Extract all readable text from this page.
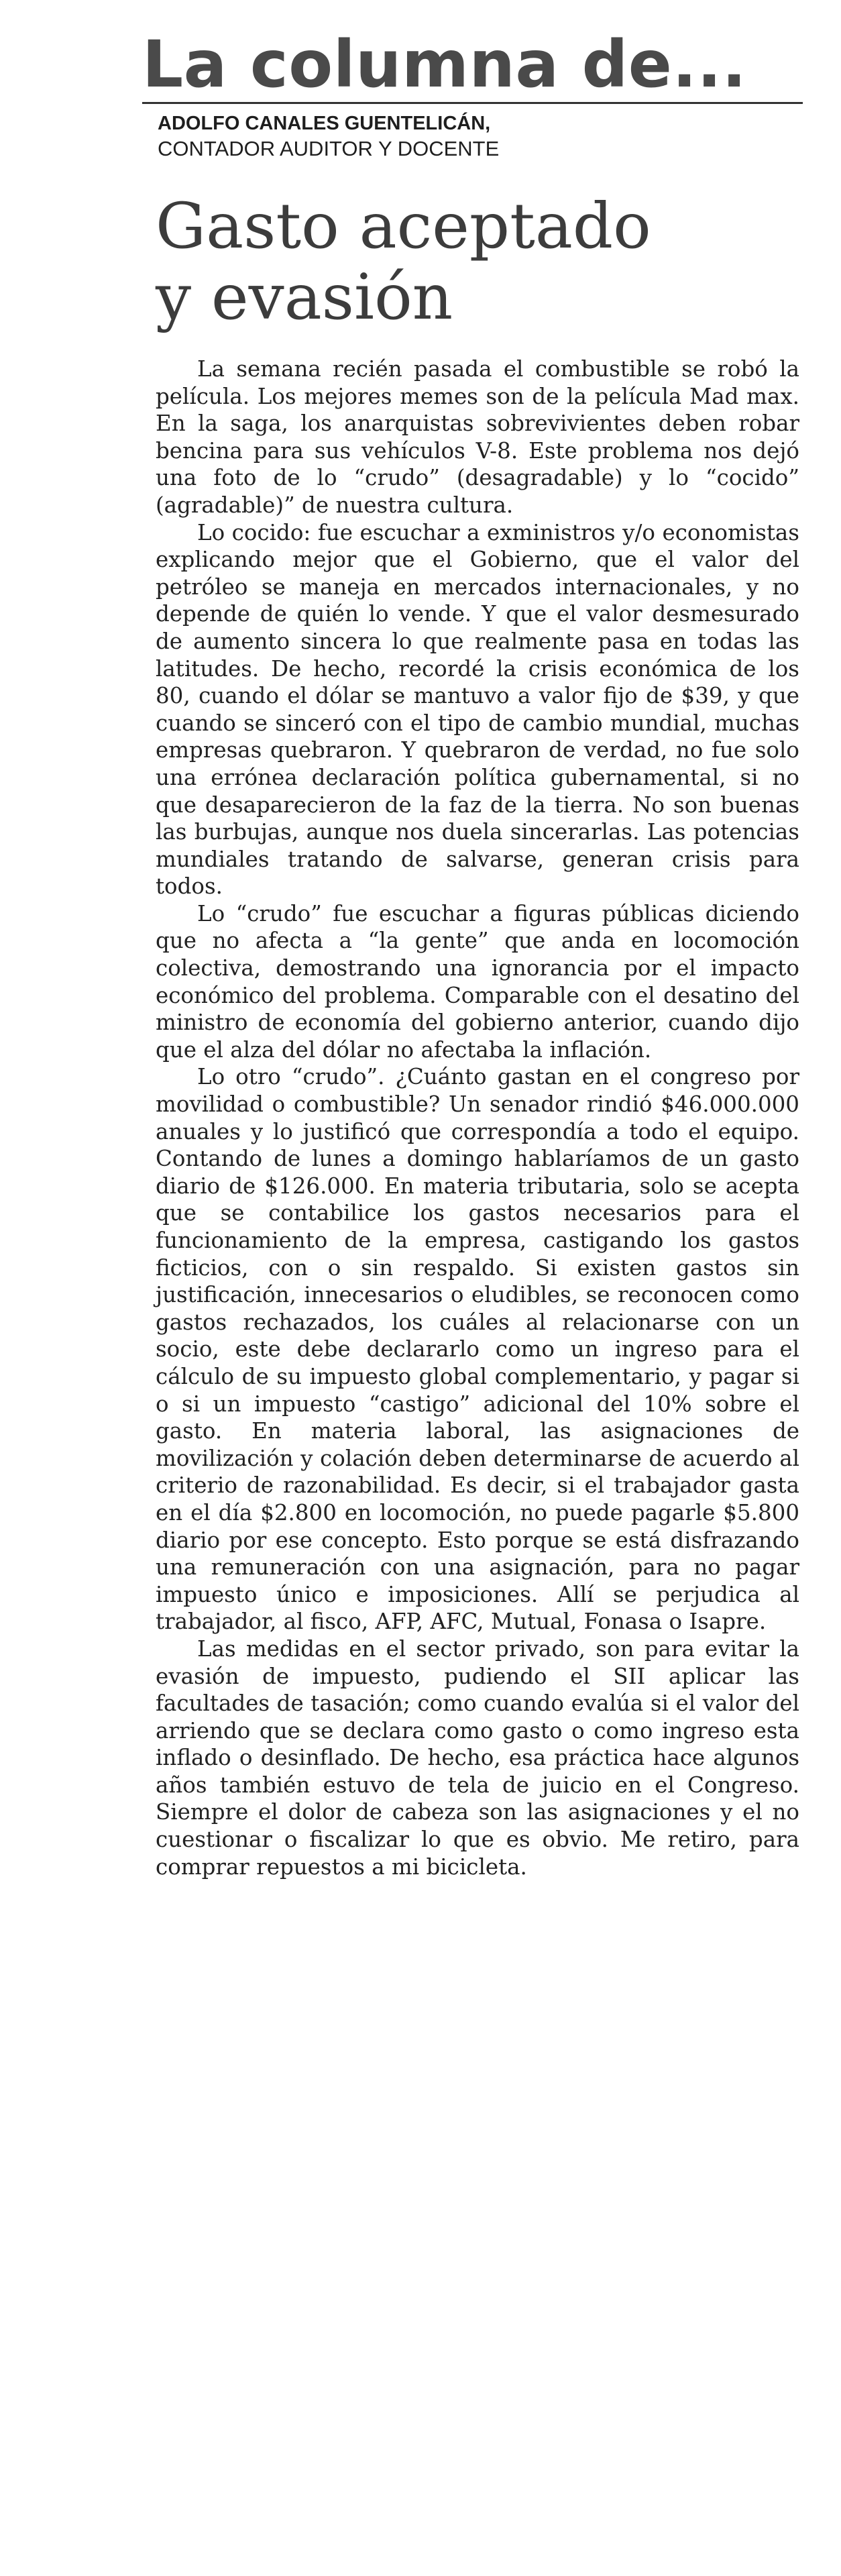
La columna de...
ADOLFO CANALES GUENTELICÁN,
CONTADOR AUDITOR Y DOCENTE
Gasto aceptado
y evasión

La semana recién pasada el combustible se robó la película. Los mejores memes son de la película Mad max. En la saga, los anarquistas sobrevivientes deben robar bencina para sus vehículos V-8. Este problema nos dejó una foto de lo “crudo” (desagradable) y lo “cocido” (agradable)” de nuestra cultura.

Lo cocido: fue escuchar a exministros y/o economistas explicando mejor que el Gobierno, que el valor del petróleo se maneja en mercados internacionales, y no depende de quién lo vende. Y que el valor desmesurado de aumento sincera lo que realmente pasa en todas las latitudes. De hecho, recordé la crisis económica de los 80, cuando el dólar se mantuvo a valor fijo de $39, y que cuando se sinceró con el tipo de cambio mundial, muchas empresas quebraron. Y quebraron de verdad, no fue solo una errónea declaración política gubernamental, si no que desaparecieron de la faz de la tierra. No son buenas las burbujas, aunque nos duela sincerarlas. Las potencias mundiales tratando de salvarse, generan crisis para todos.

Lo “crudo” fue escuchar a figuras públicas diciendo que no afecta a “la gente” que anda en locomoción colectiva, demostrando una ignorancia por el impacto económico del problema. Comparable con el desatino del ministro de economía del gobierno anterior, cuando dijo que el alza del dólar no afectaba la inflación.

Lo otro “crudo”. ¿Cuánto gastan en el congreso por movilidad o combustible? Un senador rindió $46.000.000 anuales y lo justificó que correspondía a todo el equipo. Contando de lunes a domingo hablaríamos de un gasto diario de $126.000. En materia tributaria, solo se acepta que se contabilice los gastos necesarios para el funcionamiento de la empresa, castigando los gastos ficticios, con o sin respaldo. Si existen gastos sin justificación, innecesarios o eludibles, se reconocen como gastos rechazados, los cuáles al relacionarse con un socio, este debe declararlo como un ingreso para el cálculo de su impuesto global complementario, y pagar si o si un impuesto “castigo” adicional del 10% sobre el gasto. En materia laboral, las asignaciones de movilización y colación deben determinarse de acuerdo al criterio de razonabilidad. Es decir, si el trabajador gasta en el día $2.800 en locomoción, no puede pagarle $5.800 diario por ese concepto. Esto porque se está disfrazando una remuneración con una asignación, para no pagar impuesto único e imposiciones. Allí se perjudica al trabajador, al fisco, AFP, AFC, Mutual, Fonasa o Isapre.

Las medidas en el sector privado, son para evitar la evasión de impuesto, pudiendo el SII aplicar las facultades de tasación; como cuando evalúa si el valor del arriendo que se declara como gasto o como ingreso esta inflado o desinflado. De hecho, esa práctica hace algunos años también estuvo de tela de juicio en el Congreso. Siempre el dolor de cabeza son las asignaciones y el no cuestionar o fiscalizar lo que es obvio. Me retiro, para comprar repuestos a mi bicicleta.
